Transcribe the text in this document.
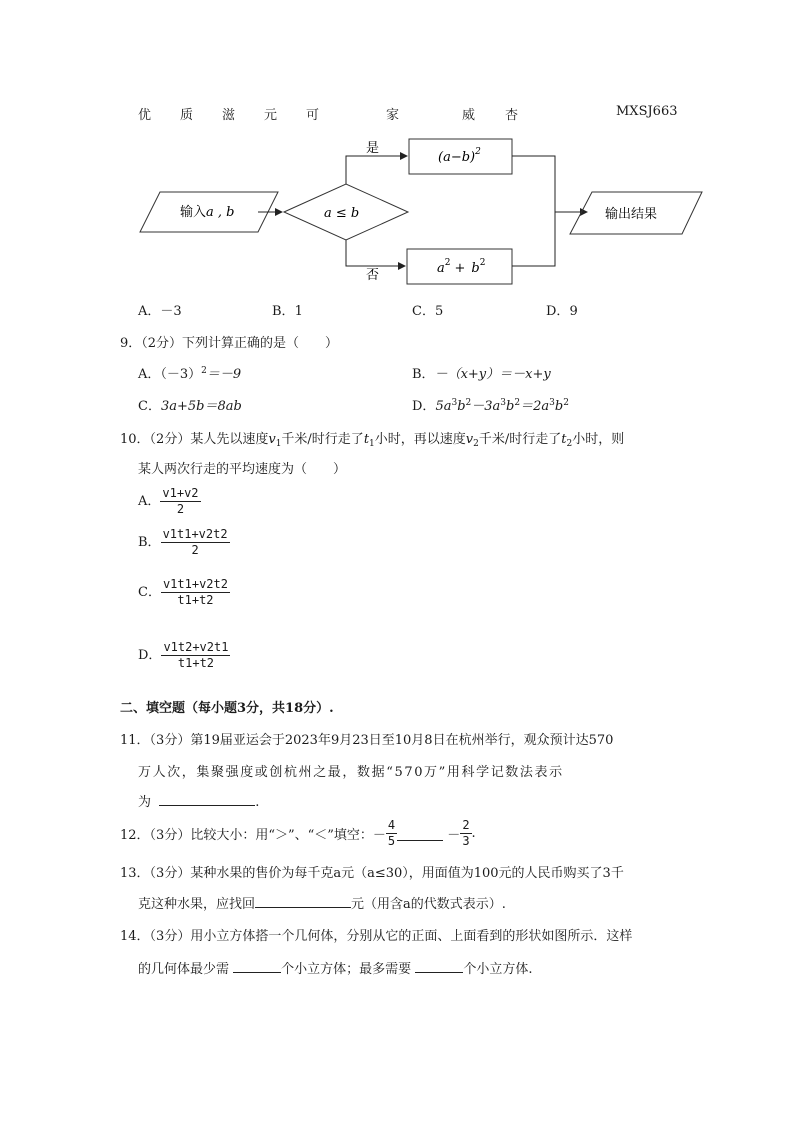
优 质 滋 元 可	家	威 杏	MXSJ663
输入a , b	a ≤ b
是
$(a-b)^2$
否	$a^2 + b^2$
输出结果
A．－3	B．1	C．5	D．9
9．（2分）下列计算正确的是（　　）
A．$(-3)^2=-9$	B．－（x+y）＝－x+y
C．3a+5b＝8ab	D．$5a^3b^2-3a^3b^2=2a^3b^2$
10．（2分）某人先以速度$v_1$千米/时行走了$t_1$小时，再以速度$v_2$千米/时行走了$t_2$小时，则
某人两次行走的平均速度为（　　）
A． $\frac{v1+v2}{2}$
B． $\frac{v1t1+v2t2}{2}$
C． $\frac{v1t1+v2t2}{t1+t2}$
D． $\frac{v1t2+v2t1}{t1+t2}$
二、填空题（每小题3分，共18分）.
11．（3分）第19届亚运会于2023年9月23日至10月8日在杭州举行，观众预计达570
万人次，集聚强度或创杭州之最，数据“570万”用科学记数法表示
为	.
12．（3分）比较大小：用“＞”、“＜”填空：－ $\frac{4}{5}$	－ $\frac{2}{3}$ .
13．（3分）某种水果的售价为每千克a元（a≤30），用面值为100元的人民币购买了3千
克这种水果，应找回	元（用含a的代数式表示）.
14．（3分）用小立方体搭一个几何体，分别从它的正面、上面看到的形状如图所示．这样
的几何体最少需	个小立方体；最多需要	个小立方体.
